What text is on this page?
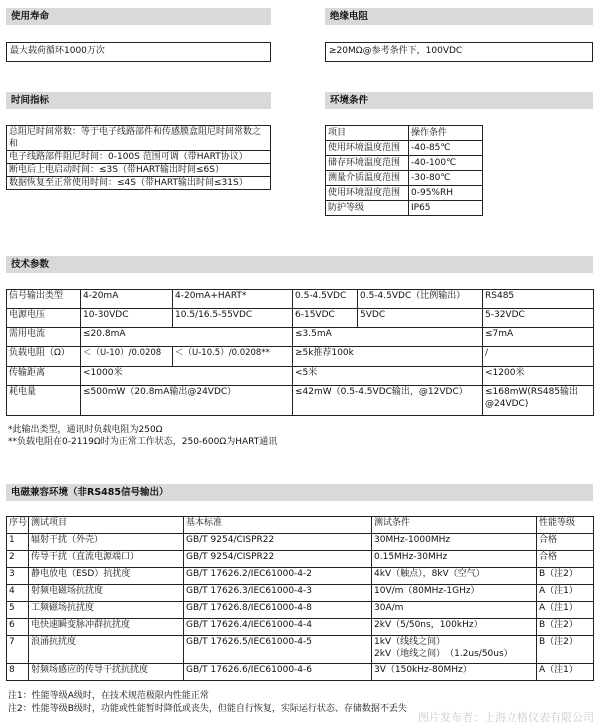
使用寿命
最大载荷循环1000万次
绝缘电阻
≥20MΩ@参考条件下，100VDC
时间指标
总阻尼时间常数：等于电子线路部件和传感膜盒阻尼时间常数之和
电子线路部件阻尼时间：0-100S 范围可调（带HART协议）
断电后上电启动时间：≤3S（带HART输出时间≤6S）
数据恢复至正常使用时间：≤4S（带HART输出时间≤31S）
环境条件
项目	操作条件
使用环境温度范围	-40-85℃
储存环境温度范围	-40-100℃
测量介质温度范围	-30-80℃
使用环境湿度范围	0-95%RH
防护等级	IP65
技术参数
信号输出类型	4-20mA	4-20mA+HART*	0.5-4.5VDC	0.5-4.5VDC（比例输出）	RS485
电源电压	10-30VDC	10.5/16.5-55VDC	6-15VDC	5VDC	5-32VDC
需用电流	≤20.8mA		≤3.5mA		≤7mA
负载电阻（Ω）	＜（U-10）/0.0208	＜（U-10.5）/0.0208**	≥5k推荐100k		/
传输距离	<1000米		<5米		<1200米
耗电量	≤500mW（20.8mA输出@24VDC）		≤42mW（0.5-4.5VDC输出，@12VDC）		≤168mW(RS485输出@24VDC)
*此输出类型，通讯时负载电阻为250Ω
**负载电阻在0-2119Ω时为正常工作状态，250-600Ω为HART通讯
电磁兼容环境（非RS485信号输出）
序号	测试项目	基本标准	测试条件	性能等级
1	辐射干扰（外壳）	GB/T 9254/CISPR22	30MHz-1000MHz	合格
2	传导干扰（直流电源端口）	GB/T 9254/CISPR22	0.15MHz-30MHz	合格
3	静电放电（ESD）抗扰度	GB/T 17626.2/IEC61000-4-2	4kV（触点），8kV（空气）	B（注2）
4	射频电磁场抗扰度	GB/T 17626.3/IEC61000-4-3	10V/m（80MHz-1GHz）	A（注1）
5	工频磁场抗扰度	GB/T 17626.8/IEC61000-4-8	30A/m	A（注1）
6	电快速瞬变脉冲群抗扰度	GB/T 17626.4/IEC61000-4-4	2kV（5/50ns，100kHz）	B（注2）
7	浪涌抗扰度	GB/T 17626.5/IEC61000-4-5	1kV（线线之间）
2kV（地线之间）　（1.2us/50us）	B（注2）
8	射频场感应的传导干扰抗扰度	GB/T 17626.6/IEC61000-4-6	3V（150kHz-80MHz）	A（注1）
注1：性能等级A级时，在技术规范极限内性能正常
注2：性能等级B级时，功能或性能暂时降低或丧失，但能自行恢复，实际运行状态、存储数据不丢失
图片发布者：上海立格仪表有限公司
